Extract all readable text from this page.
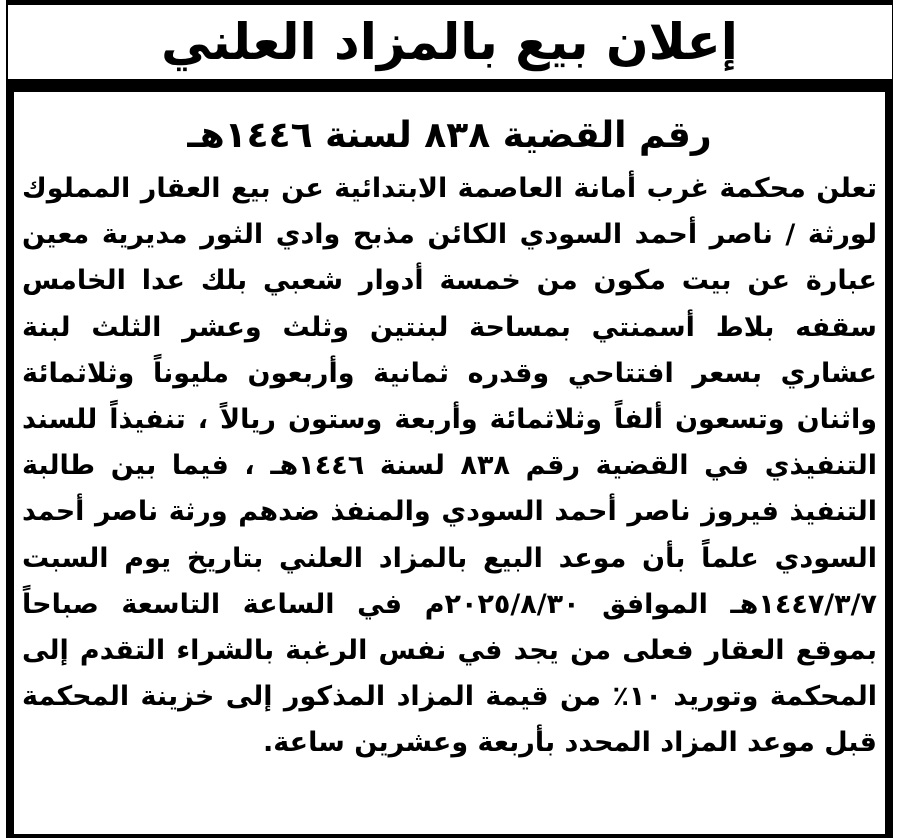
إعلان بيع بالمزاد العلني
رقم القضية ٨٣٨ لسنة ١٤٤٦هـ

تعلن محكمة غرب أمانة العاصمة الابتدائية عن بيع العقار المملوك لورثة / ناصر أحمد السودي الكائن مذبح وادي الثور مديرية معين عبارة عن بيت مكون من خمسة أدوار شعبي بلك عدا الخامس سقفه بلاط أسمنتي بمساحة لبنتين وثلث وعشر الثلث لبنة عشاري بسعر افتتاحي وقدره ثمانية وأربعون مليوناً وثلاثمائة واثنان وتسعون ألفاً وثلاثمائة وأربعة وستون ريالاً ، تنفيذاً للسند التنفيذي في القضية رقم ٨٣٨ لسنة ١٤٤٦هـ ، فيما بين طالبة التنفيذ فيروز ناصر أحمد السودي والمنفذ ضدهم ورثة ناصر أحمد السودي علماً بأن موعد البيع بالمزاد العلني بتاريخ يوم السبت ١٤٤٧/٣/٧هـ الموافق ٢٠٢٥/٨/٣٠م في الساعة التاسعة صباحاً بموقع العقار فعلى من يجد في نفس الرغبة بالشراء التقدم إلى المحكمة وتوريد ١٠٪ من قيمة المزاد المذكور إلى خزينة المحكمة قبل موعد المزاد المحدد بأربعة وعشرين ساعة.
